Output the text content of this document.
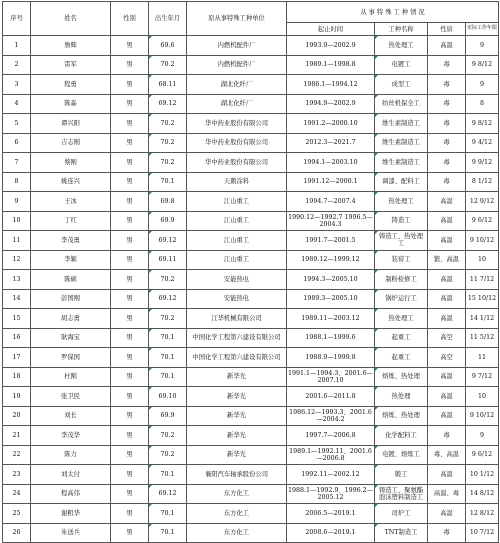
序号	姓名	性别	出生年月	原从事特殊工种单位	从 事 特 殊 工 种 情 况			
					起止时间	工种名称	性质	实际工作年限
1	詹辉	男	69.6	内燃机配件厂	1993.9—2002.9	热处理工	高温	9
2	雷军	男	70.2	内燃机配件厂	1989.1—1998.8	电镀工	毒	9 8/12
3	程勇	男	68.11	湖北化纤厂	1986.1—1994.12	成型工	毒	9
4	陈淼	男	69.12	湖北化纤厂	1994.9—2002.9	纺丝机保全工	毒	8
5	谭兴阳	男	70.2	华中药业股份有限公司	1991.2—2000.10	维生素制造工	毒	9 8/12
6	吉志刚	男	70.2	华中药业股份有限公司	2012.3—2021.7	维生素制造工	毒	9 4/12
7	蔡刚	男	70.2	华中药业股份有限公司	1994.1—2003.10	维生素制造工	毒	9 9/12
8	姚连兴	男	70.1	天鹅涂料	1991.12—2000.1	调漆、配料工	毒	8 1/12
9	王冰	男	69.8	江山重工	1994.7—2007.4	热处理工	高温	12 9/12
10	丁红	男	69.9	江山重工	1990.12—1992.7 1996.5—2004.3	铸造工	高温	9 6/12
11	李茂勇	男	69.12	江山重工	1991.7—2001.5	铸造工、热处理工	高温	9 10/12
12	李颖	男	69.11	江山重工	1989.12—1999.12	装窑工	繁、高温	10
13	陈硕	男	70.2	安能热电	1994.3—2005.10	制粉检修工	高温	11 7/12
14	彭国刚	男	69.12	安能热电	1989.3—2005.10	锅炉运行工	高温	15 10/12
15	胡志勇	男	70.2	江华机械有限公司	1989.11—2003.12	热处理工	高温	14 1/12
16	耿海宝	男	70.1	中国化学工程第六建设有限公司	1988.1—1999.6	起重工	高空	11 5/12
17	罗保国	男	70.1	中国化学工程第六建设有限公司	1988.9—1999.8	起重工	高空	11
18	杜刚	男	70.1	新华光	1991.1—1994.3、2001.6—2007.10	熔炼、热处理	高温	9 7/12
19	张卫民	男	69.10	新华光	2001.6—2011.8	热处理	高温	10
20	刘长	男	69.9	新华光	1986.12—1993.3、2001.6—2004.2	熔炼、热处理	高温	9 10/12
21	李茂华	男	70.2	新华光	1997.7—2006.8	化学配料工	毒	9
22	陈力	男	70.2	新华光	1989.1—1992.11、2001.6—2006.8	电镀、熔炼工	毒、高温	9 6/12
23	刘太付	男	70.1	襄阳汽车轴承股份公司	1992.11—2002.12	锻工	高温	10 1/12
24	程高伟	男	69.12	东方化工	1988.1—1992.9、1996.2—2005.12	铸造工、聚氨酯泡沫塑料制造工	高温、毒	14 8/12
25	谢粗华	男	70.1	东方化工	2006.5—2019.1	司炉工	高温	12 8/12
26	朱送兵	男	70.1	东方化工	2008.6—2019.1	TNT制造工	毒	10 7/12
